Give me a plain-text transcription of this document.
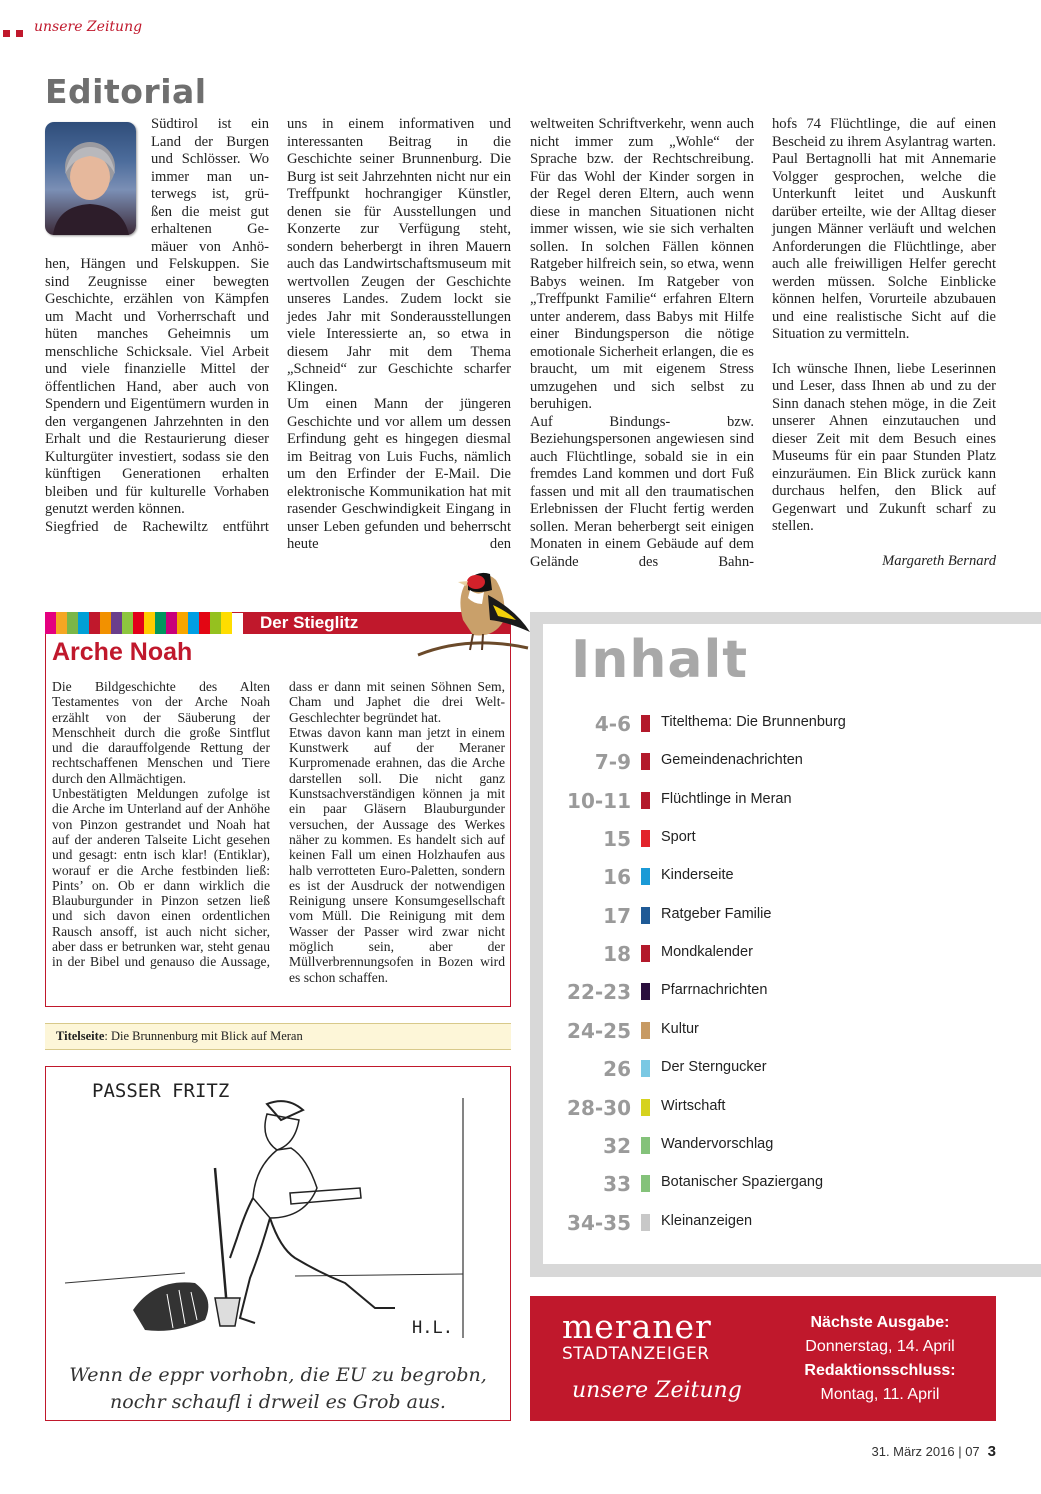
unsere Zeitung
Editorial

Südtirol ist ein

Land der Burgen

und Schlösser. Wo

immer man un-

terwegs ist, grü-

ßen die meist gut

erhaltenen Ge-

mäuer von Anhö-

hen, Hängen und Felskuppen. Sie sind Zeugnisse einer bewegten Geschichte, erzählen von Kämpfen um Macht und Vorherrschaft und hüten manches Geheimnis um menschliche Schicksale. Viel Arbeit und viele finanzielle Mittel der öffentlichen Hand, aber auch von Spendern und Eigentümern wurden in den vergangenen Jahrzehnten in den Erhalt und die Restaurierung dieser Kulturgüter investiert, sodass sie den künftigen Generationen erhalten bleiben und für kulturelle Vorhaben genutzt werden können.

Siegfried de Rachewiltz entführt

uns in einem informativen und interessanten Beitrag in die Geschichte seiner Brunnenburg. Die Burg ist seit Jahrzehnten nicht nur ein Treffpunkt hochrangiger Künstler, denen sie für Ausstellungen und Konzerte zur Verfügung steht, sondern beherbergt in ihren Mauern auch das Landwirtschaftsmuseum mit wertvollen Zeugen der Geschichte unseres Landes. Zudem lockt sie jedes Jahr mit Sonderausstellungen viele Interessierte an, so etwa in diesem Jahr mit dem Thema „Schneid“ zur Geschichte scharfer Klingen.

Um einen Mann der jüngeren Geschichte und vor allem um dessen Erfindung geht es hingegen diesmal im Beitrag von Luis Fuchs, nämlich um den Erfinder der E-Mail. Die elektronische Kommunikation hat mit rasender Geschwindigkeit Eingang in unser Leben gefunden und beherrscht heute den

weltweiten Schriftverkehr, wenn auch nicht immer zum „Wohle“ der Sprache bzw. der Rechtschreibung. Für das Wohl der Kinder sorgen in der Regel deren Eltern, auch wenn diese in manchen Situationen nicht immer wissen, wie sie sich verhalten sollen. In solchen Fällen können Ratgeber hilfreich sein, so etwa, wenn Babys weinen. Im Ratgeber von „Treffpunkt Familie“ erfahren Eltern unter anderem, dass Babys mit Hilfe einer Bindungsperson die nötige emotionale Sicherheit erlangen, die es braucht, um mit eigenem Stress umzugehen und sich selbst zu beruhigen.

Auf Bindungs- bzw. Beziehungspersonen angewiesen sind auch Flüchtlinge, sobald sie in ein fremdes Land kommen und dort Fuß fassen und mit all den traumatischen Erlebnissen der Flucht fertig werden sollen. Meran beherbergt seit einigen Monaten in einem Gebäude auf dem Gelände des Bahn-

hofs 74 Flüchtlinge, die auf einen Bescheid zu ihrem Asylantrag warten. Paul Bertagnolli hat mit Annemarie Volgger gesprochen, welche die Unterkunft leitet und Auskunft darüber erteilte, wie der Alltag dieser jungen Männer verläuft und welchen Anforderungen die Flüchtlinge, aber auch alle freiwilligen Helfer gerecht werden müssen. Solche Einblicke können helfen, Vorurteile abzubauen und eine realistische Sicht auf die Situation zu vermitteln.

Ich wünsche Ihnen, liebe Leserinnen und Leser, dass Ihnen ab und zu der Sinn danach stehen möge, in die Zeit unserer Ahnen einzutauchen und dieser Zeit mit dem Besuch eines Museums für ein paar Stunden Platz einzuräumen. Ein Blick zurück kann durchaus helfen, den Blick auf Gegenwart und Zukunft scharf zu stellen.

Margareth Bernard
Der Stieglitz
Arche Noah

Die Bildgeschichte des Alten Testamentes von der Arche Noah erzählt von der Säuberung der Menschheit durch die große Sintflut und die darauffolgende Rettung der rechtschaffenen Menschen und Tiere durch den Allmächtigen.

Unbestätigten Meldungen zufolge ist die Arche im Unterland auf der Anhöhe von Pinzon gestrandet und Noah hat auf der anderen Talseite Licht gesehen und gesagt: entn isch klar! (Entiklar), worauf er die Arche festbinden ließ: Pints’ on. Ob er dann wirklich die Blauburgunder in Pinzon setzen ließ und sich davon einen ordentlichen Rausch ansoff, ist auch nicht sicher, aber dass er betrunken war, steht genau in der Bibel und genauso die Aussage,

dass er dann mit seinen Söhnen Sem, Cham und Japhet die drei Welt-Geschlechter begründet hat.

Etwas davon kann man jetzt in einem Kunstwerk auf der Meraner Kurpromenade erahnen, das die Arche darstellen soll. Die nicht ganz Kunstsachverständigen können ja mit ein paar Gläsern Blauburgunder versuchen, der Aussage des Werkes näher zu kommen. Es handelt sich auf keinen Fall um einen Holzhaufen aus halb verrotteten Euro-Paletten, sondern es ist der Ausdruck der notwendigen Reinigung unsere Konsumgesellschaft vom Müll. Die Reinigung mit dem Wasser der Passer wird zwar nicht möglich sein, aber der Müllverbrennungsofen in Bozen wird es schon schaffen.

Titelseite: Die Brunnenburg mit Blick auf Meran
PASSER FRITZ
H.L.
Wenn de eppr vorhobn, die EU zu begrobn,
nochr schaufl i drweil es Grob aus.
Inhalt
4-6 Titelthema: Die Brunnenburg
7-9 Gemeindenachrichten
10-11 Flüchtlinge in Meran
15 Sport
16 Kinderseite
17 Ratgeber Familie
18 Mondkalender
22-23 Pfarrnachrichten
24-25 Kultur
26 Der Sterngucker
28-30 Wirtschaft
32 Wandervorschlag
33 Botanischer Spaziergang
34-35 Kleinanzeigen
meraner
STADTANZEIGER
unsere Zeitung
Nächste Ausgabe:
Donnerstag, 14. April
Redaktionsschluss:
Montag, 11. April
31. März 2016 | 07 3
